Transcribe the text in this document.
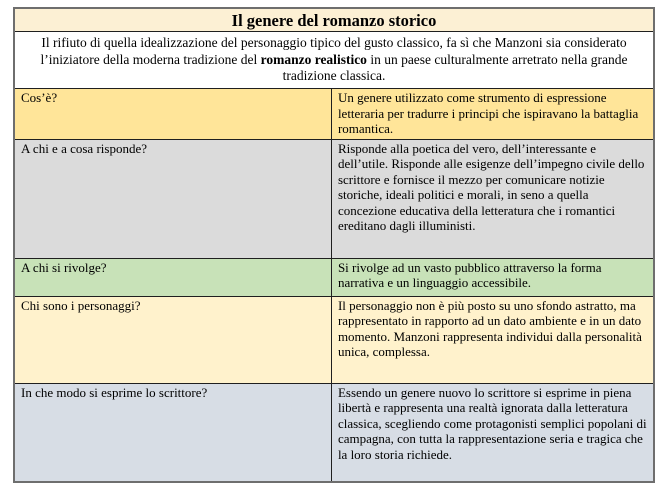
Il genere del romanzo storico	
Il rifiuto di quella idealizzazione del personaggio tipico del gusto classico, fa sì che Manzoni sia considerato l’iniziatore della moderna tradizione del romanzo realistico in un paese culturalmente arretrato nella grande tradizione classica.	
Cos’è?	Un genere utilizzato come strumento di espressione letteraria per tradurre i principi che ispiravano la battaglia romantica.
A chi e a cosa risponde?	Risponde alla poetica del vero, dell’interessante e dell’utile. Risponde alle esigenze dell’impegno civile dello scrittore e fornisce il mezzo per comunicare notizie storiche, ideali politici e morali, in seno a quella concezione educativa della letteratura che i romantici ereditano dagli illuministi.
A chi si rivolge?	Si rivolge ad un vasto pubblico attraverso la forma narrativa e un linguaggio accessibile.
Chi sono i personaggi?	Il personaggio non è più posto su uno sfondo astratto, ma rappresentato in rapporto ad un dato ambiente e in un dato momento. Manzoni rappresenta individui dalla personalità unica, complessa.
In che modo si esprime lo scrittore?	Essendo un genere nuovo lo scrittore si esprime in piena libertà e rappresenta una realtà ignorata dalla letteratura classica, scegliendo come protagonisti semplici popolani di campagna, con tutta la rappresentazione seria e tragica che la loro storia richiede.
